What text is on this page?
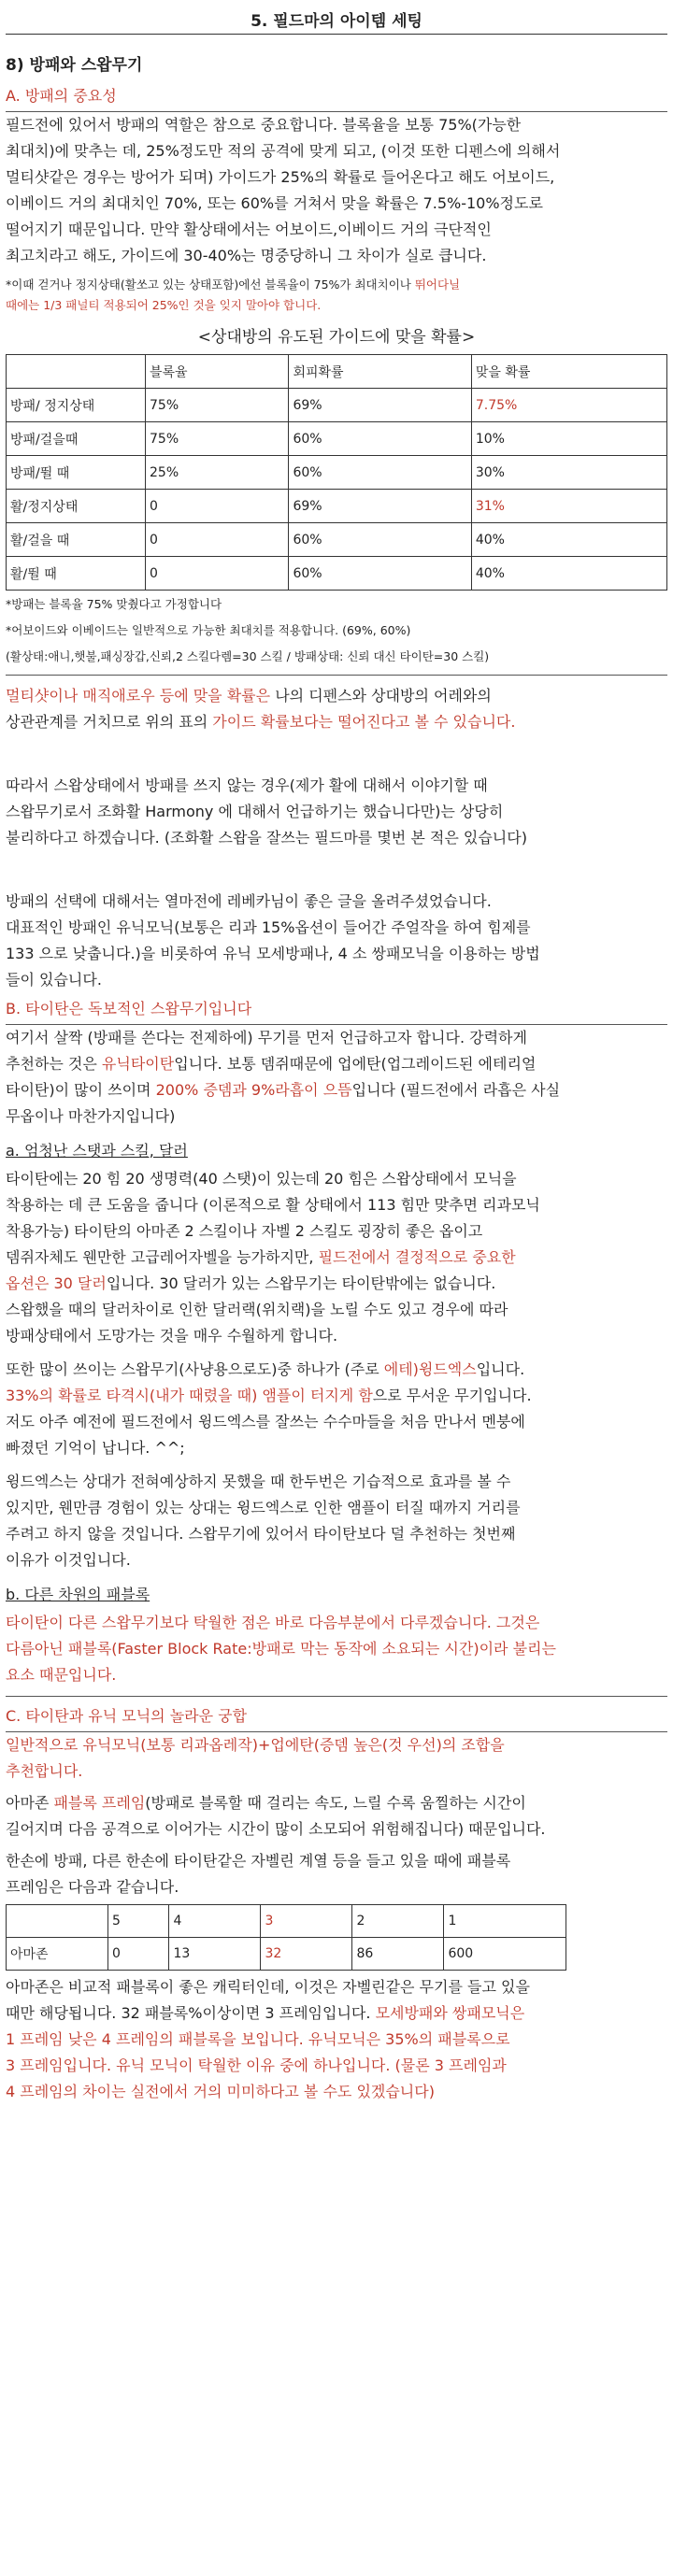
5. 필드마의 아이템 세팅
8) 방패와 스왑무기
A. 방패의 중요성

필드전에 있어서 방패의 역할은 참으로 중요합니다. 블록율을 보통 75%(가능한
최대치)에 맞추는 데, 25%정도만 적의 공격에 맞게 되고, (이것 또한 디펜스에 의해서
멀티샷같은 경우는 방어가 되며) 가이드가 25%의 확률로 들어온다고 해도 어보이드,
이베이드 거의 최대치인 70%, 또는 60%를 거쳐서 맞을 확률은 7.5%-10%정도로
떨어지기 때문입니다. 만약 활상태에서는 어보이드,이베이드 거의 극단적인
최고치라고 해도, 가이드에 30-40%는 명중당하니 그 차이가 실로 큽니다.

*이때 걷거나 정지상태(활쏘고 있는 상태포함)에선 블록율이 75%가 최대치이나 뛰어다닐
때에는 1/3 패널티 적용되어 25%인 것을 잊지 말아야 합니다.

<상대방의 유도된 가이드에 맞을 확률>
	블록율	회피확률	맞을 확률
방패/ 정지상태	75%	69%	7.75%
방패/걸을때	75%	60%	10%
방패/뛸 때	25%	60%	30%
활/정지상태	0	69%	31%
활/걸을 때	0	60%	40%
활/뛸 때	0	60%	40%

*방패는 블록율 75% 맞췄다고 가정합니다

*어보이드와 이베이드는 일반적으로 가능한 최대치를 적용합니다. (69%, 60%)

(활상태:애니,햇불,패싱장갑,신뢰,2 스킬다렘=30 스킬 / 방패상태: 신뢰 대신 타이탄=30 스킬)

멀티샷이나 매직애로우 등에 맞을 확률은 나의 디펜스와 상대방의 어레와의
상관관계를 거치므로 위의 표의 가이드 확률보다는 떨어진다고 볼 수 있습니다.

따라서 스왑상태에서 방패를 쓰지 않는 경우(제가 활에 대해서 이야기할 때
스왑무기로서 조화활 Harmony 에 대해서 언급하기는 했습니다만)는 상당히
불리하다고 하겠습니다. (조화활 스왑을 잘쓰는 필드마를 몇번 본 적은 있습니다)

방패의 선택에 대해서는 열마전에 레베카님이 좋은 글을 올려주셨었습니다.
대표적인 방패인 유닉모닉(보통은 리과 15%옵션이 들어간 주얼작을 하여 힘제를
133 으로 낮춥니다.)을 비롯하여 유닉 모세방패나, 4 소 쌍패모닉을 이용하는 방법
들이 있습니다.

B. 타이탄은 독보적인 스왑무기입니다

여기서 살짝 (방패를 쓴다는 전제하에) 무기를 먼저 언급하고자 합니다. 강력하게
추천하는 것은 유닉타이탄입니다. 보통 뎀쥐때문에 업에탄(업그레이드된 에테리얼
타이탄)이 많이 쓰이며 200% 증뎀과 9%라흡이 으뜸입니다 (필드전에서 라흡은 사실
무옵이나 마찬가지입니다)

a. 엄청난 스탯과 스킬, 달러

타이탄에는 20 힘 20 생명력(40 스탯)이 있는데 20 힘은 스왑상태에서 모닉을
착용하는 데 큰 도움을 줍니다 (이론적으로 활 상태에서 113 힘만 맞추면 리과모닉
착용가능) 타이탄의 아마존 2 스킬이나 자벨 2 스킬도 굉장히 좋은 옵이고
뎀쥐자체도 웬만한 고급레어자벨을 능가하지만, 필드전에서 결정적으로 중요한
옵션은 30 달러입니다. 30 달러가 있는 스왑무기는 타이탄밖에는 없습니다.
스왑했을 때의 달러차이로 인한 달러랙(위치랙)을 노릴 수도 있고 경우에 따라
방패상태에서 도망가는 것을 매우 수월하게 합니다.

또한 많이 쓰이는 스왑무기(사냥용으로도)중 하나가 (주로 에테)윙드엑스입니다.
33%의 확률로 타격시(내가 때렸을 때) 앰플이 터지게 함으로 무서운 무기입니다.
저도 아주 예전에 필드전에서 윙드엑스를 잘쓰는 수수마들을 처음 만나서 멘붕에
빠졌던 기억이 납니다. ^^;

윙드엑스는 상대가 전혀예상하지 못했을 때 한두번은 기습적으로 효과를 볼 수
있지만, 웬만큼 경험이 있는 상대는 윙드엑스로 인한 앰플이 터질 때까지 거리를
주려고 하지 않을 것입니다. 스왑무기에 있어서 타이탄보다 덜 추천하는 첫번째
이유가 이것입니다.

b. 다른 차원의 패블록

타이탄이 다른 스왑무기보다 탁월한 점은 바로 다음부분에서 다루겠습니다. 그것은
다름아닌 패블록(Faster Block Rate:방패로 막는 동작에 소요되는 시간)이라 불리는
요소 때문입니다.

C. 타이탄과 유닉 모닉의 놀라운 궁합

일반적으로 유닉모닉(보통 리과옵레작)+업에탄(증뎀 높은(것 우선)의 조합을
추천합니다.

아마존 패블록 프레임(방패로 블록할 때 걸리는 속도, 느릴 수록 움찔하는 시간이
길어지며 다음 공격으로 이어가는 시간이 많이 소모되어 위험해집니다) 때문입니다.

한손에 방패, 다른 한손에 타이탄같은 자벨린 계열 등을 들고 있을 때에 패블록
프레임은 다음과 같습니다.

	5	4	3	2	1
아마존	0	13	32	86	600

아마존은 비교적 패블록이 좋은 캐릭터인데, 이것은 자벨린같은 무기를 들고 있을
때만 해당됩니다. 32 패블록%이상이면 3 프레임입니다. 모세방패와 쌍패모닉은
1 프레임 낮은 4 프레임의 패블록을 보입니다. 유닉모닉은 35%의 패블록으로
3 프레임입니다. 유닉 모닉이 탁월한 이유 중에 하나입니다. (물론 3 프레임과
4 프레임의 차이는 실전에서 거의 미미하다고 볼 수도 있겠습니다)
